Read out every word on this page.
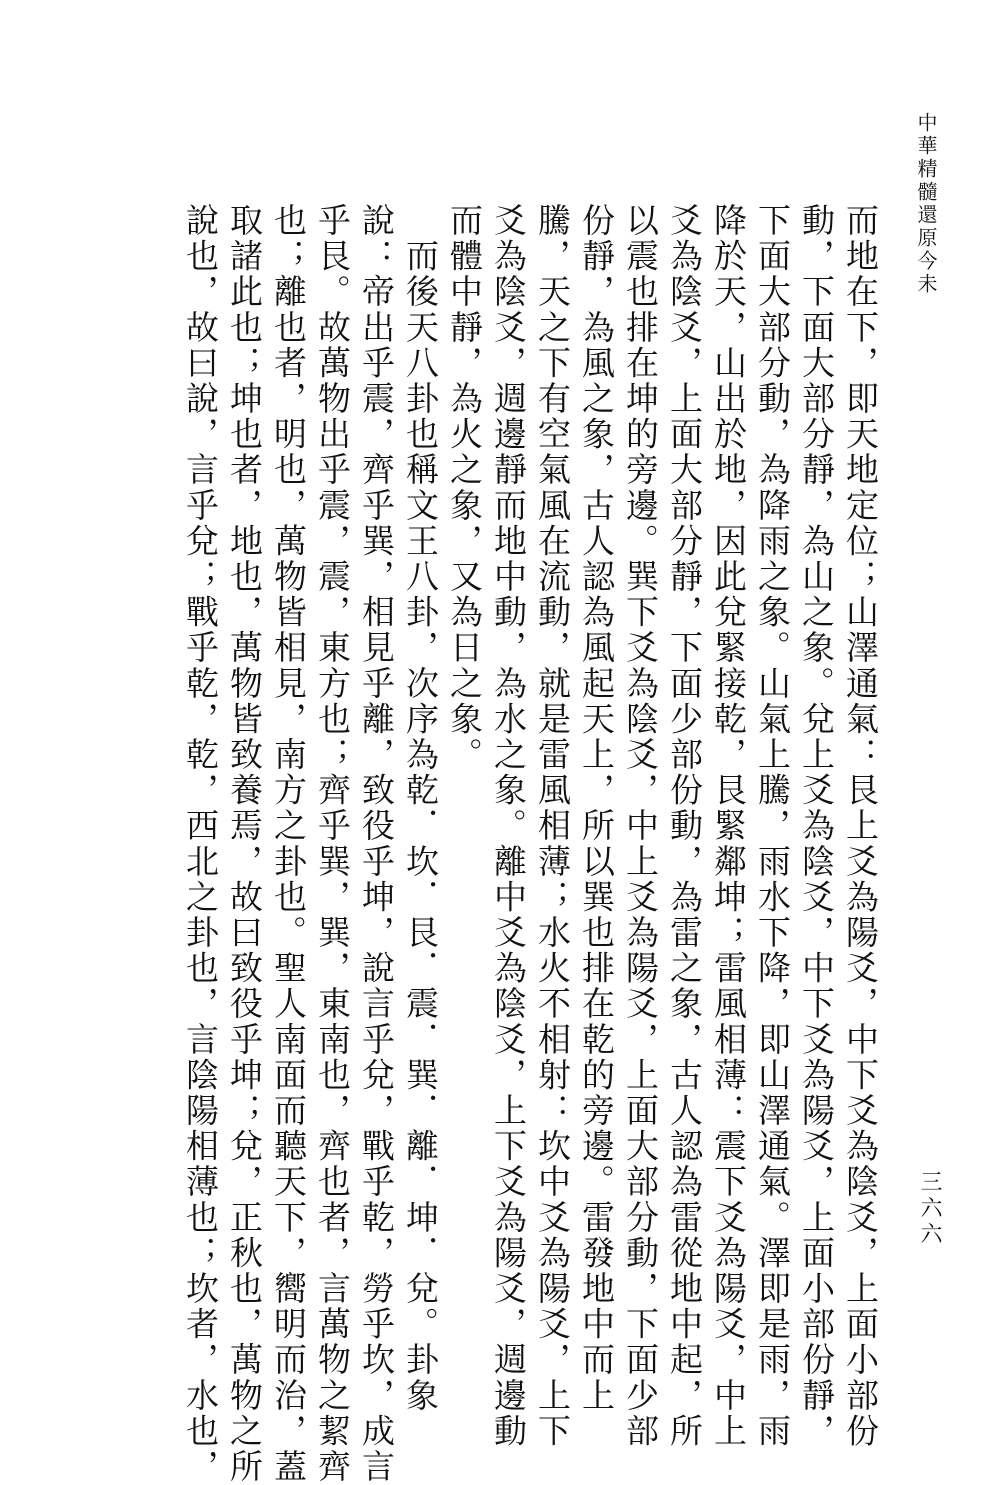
中華精髓還原今未
而地在下，即天地定位；山澤通氣：艮上爻為陽爻，中下爻為陰爻，上面小部份
動，下面大部分靜，為山之象。兌上爻為陰爻，中下爻為陽爻，上面小部份靜，
下面大部分動，為降雨之象。山氣上騰，雨水下降，即山澤通氣。澤即是雨，雨
降於天，山出於地，因此兌緊接乾，艮緊鄰坤；雷風相薄：震下爻為陽爻，中上
爻為陰爻，上面大部分靜，下面少部份動，為雷之象，古人認為雷從地中起，所
以震也排在坤的旁邊。巽下爻為陰爻，中上爻為陽爻，上面大部分動，下面少部
份靜，為風之象，古人認為風起天上，所以巽也排在乾的旁邊。雷發地中而上
騰，天之下有空氣風在流動，就是雷風相薄；水火不相射：坎中爻為陽爻，上下
爻為陰爻，週邊靜而地中動，為水之象。離中爻為陰爻，上下爻為陽爻，週邊動
而體中靜，為火之象，又為日之象。
　而後天八卦也稱文王八卦，次序為乾．坎．艮．震．巽．離．坤．兌。卦象
說：帝出乎震，齊乎巽，相見乎離，致役乎坤，說言乎兌，戰乎乾，勞乎坎，成言
乎艮。故萬物出乎震，震，東方也；齊乎巽，巽，東南也，齊也者，言萬物之絜齊
也；離也者，明也，萬物皆相見，南方之卦也。聖人南面而聽天下，嚮明而治，蓋
取諸此也；坤也者，地也，萬物皆致養焉，故曰致役乎坤；兌，正秋也，萬物之所
說也，故曰說，言乎兌；戰乎乾，乾，西北之卦也，言陰陽相薄也；坎者，水也，	三六六
